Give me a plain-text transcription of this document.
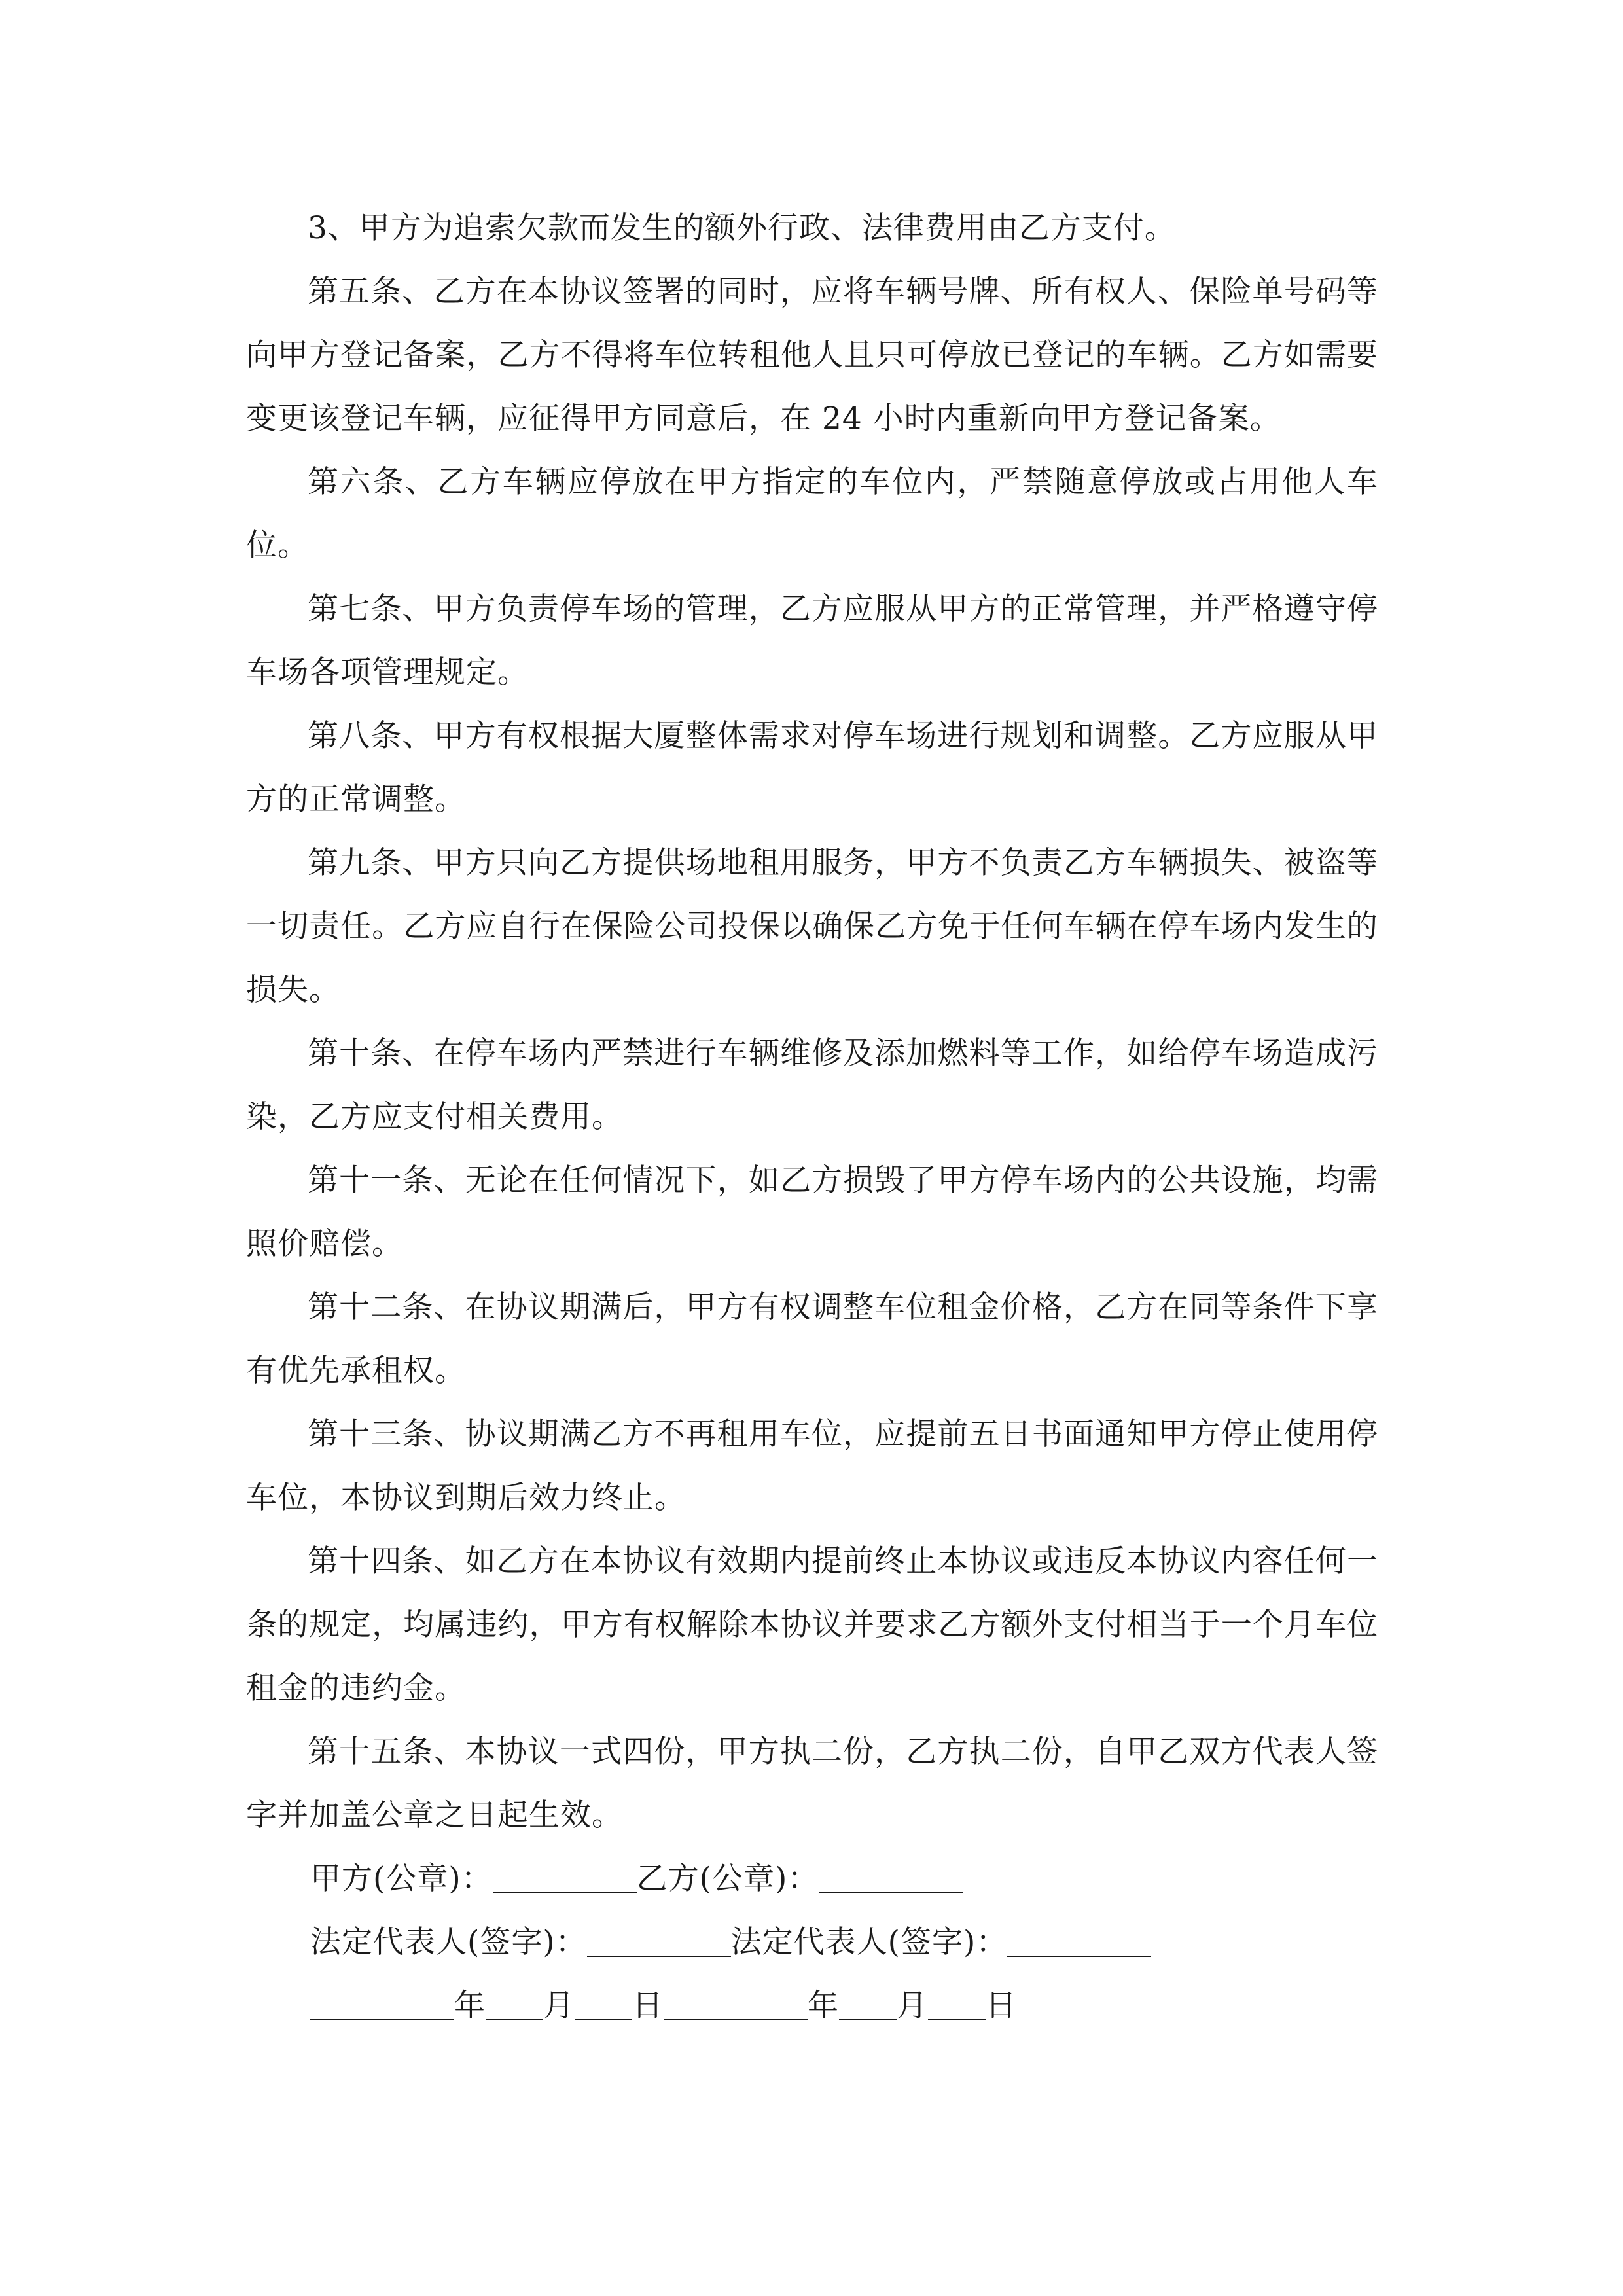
3、甲方为追索欠款而发生的额外行政、法律费用由乙方支付。

第五条、乙方在本协议签署的同时，应将车辆号牌、所有权人、保险单号码等向甲方登记备案，乙方不得将车位转租他人且只可停放已登记的车辆。乙方如需要变更该登记车辆，应征得甲方同意后，在 24 小时内重新向甲方登记备案。

第六条、乙方车辆应停放在甲方指定的车位内，严禁随意停放或占用他人车位。

第七条、甲方负责停车场的管理，乙方应服从甲方的正常管理，并严格遵守停车场各项管理规定。

第八条、甲方有权根据大厦整体需求对停车场进行规划和调整。乙方应服从甲方的正常调整。

第九条、甲方只向乙方提供场地租用服务，甲方不负责乙方车辆损失、被盗等一切责任。乙方应自行在保险公司投保以确保乙方免于任何车辆在停车场内发生的损失。

第十条、在停车场内严禁进行车辆维修及添加燃料等工作，如给停车场造成污染，乙方应支付相关费用。

第十一条、无论在任何情况下，如乙方损毁了甲方停车场内的公共设施，均需照价赔偿。

第十二条、在协议期满后，甲方有权调整车位租金价格，乙方在同等条件下享有优先承租权。

第十三条、协议期满乙方不再租用车位，应提前五日书面通知甲方停止使用停车位，本协议到期后效力终止。

第十四条、如乙方在本协议有效期内提前终止本协议或违反本协议内容任何一条的规定，均属违约，甲方有权解除本协议并要求乙方额外支付相当于一个月车位租金的违约金。

第十五条、本协议一式四份，甲方执二份，乙方执二份，自甲乙双方代表人签字并加盖公章之日起生效。

甲方(公章)：	乙方(公章)：
法定代表人(签字)：	法定代表人(签字)：
年 月 日	年 月 日
